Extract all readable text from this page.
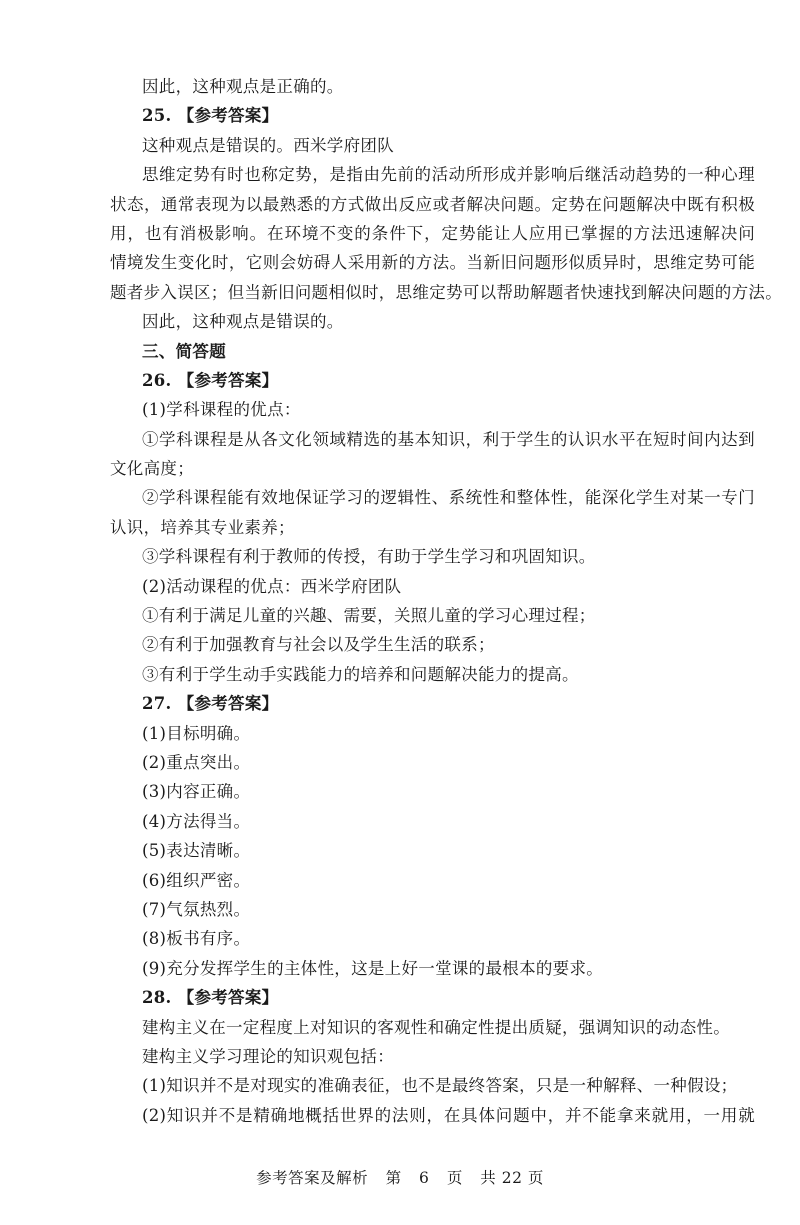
因此，这种观点是正确的。
25. 【参考答案】
这种观点是错误的。西米学府团队
思维定势有时也称定势，是指由先前的活动所形成并影响后继活动趋势的一种心理
状态，通常表现为以最熟悉的方式做出反应或者解决问题。定势在问题解决中既有积极
用，也有消极影响。在环境不变的条件下，定势能让人应用已掌握的方法迅速解决问
情境发生变化时，它则会妨碍人采用新的方法。当新旧问题形似质异时，思维定势可能
题者步入误区；但当新旧问题相似时，思维定势可以帮助解题者快速找到解决问题的方法。
因此，这种观点是错误的。
三、简答题
26. 【参考答案】
(1)学科课程的优点：
①学科课程是从各文化领域精选的基本知识，利于学生的认识水平在短时间内达到
文化高度；
②学科课程能有效地保证学习的逻辑性、系统性和整体性，能深化学生对某一专门
认识，培养其专业素养；
③学科课程有利于教师的传授，有助于学生学习和巩固知识。
(2)活动课程的优点：西米学府团队
①有利于满足儿童的兴趣、需要，关照儿童的学习心理过程；
②有利于加强教育与社会以及学生生活的联系；
③有利于学生动手实践能力的培养和问题解决能力的提高。
27. 【参考答案】
(1)目标明确。
(2)重点突出。
(3)内容正确。
(4)方法得当。
(5)表达清晰。
(6)组织严密。
(7)气氛热烈。
(8)板书有序。
(9)充分发挥学生的主体性，这是上好一堂课的最根本的要求。
28. 【参考答案】
建构主义在一定程度上对知识的客观性和确定性提出质疑，强调知识的动态性。
建构主义学习理论的知识观包括：
(1)知识并不是对现实的准确表征，也不是最终答案，只是一种解释、一种假设；
(2)知识并不是精确地概括世界的法则，在具体问题中，并不能拿来就用，一用就
参考答案及解析 第 6 页 共 22 页
